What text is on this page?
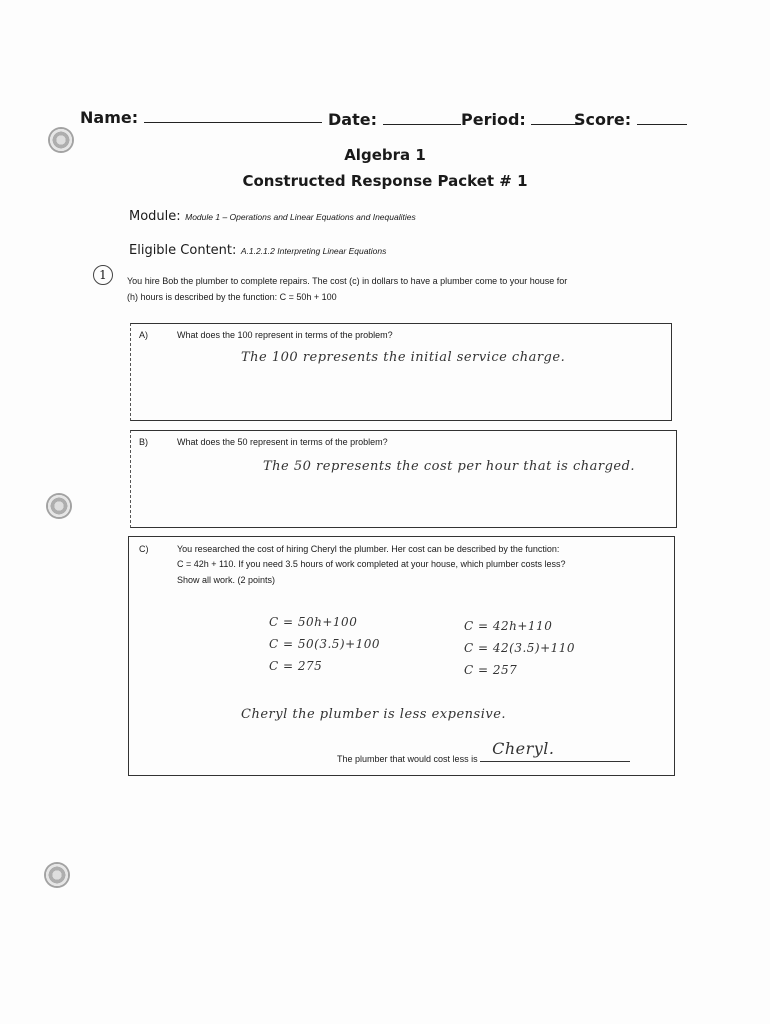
Name:	Date:	Period:	Score:
Algebra 1
Constructed Response Packet # 1
Module: Module 1 – Operations and Linear Equations and Inequalities
Eligible Content: A.1.2.1.2 Interpreting Linear Equations
1	You hire Bob the plumber to complete repairs. The cost (c) in dollars to have a plumber come to your house for
(h) hours is described by the function: C = 50h + 100
A)	What does the 100 represent in terms of the problem?
The 100 represents the initial service charge.
B)	What does the 50 represent in terms of the problem?
The 50 represents the cost per hour that is charged.
C)	You researched the cost of hiring Cheryl the plumber. Her cost can be described by the function:
C = 42h + 110. If you need 3.5 hours of work completed at your house, which plumber costs less?
Show all work. (2 points)
C = 50h+100
C = 50(3.5)+100
C = 275
C = 42h+110
C = 42(3.5)+110
C = 257
Cheryl the plumber is less expensive.
The plumber that would cost less is
Cheryl.
